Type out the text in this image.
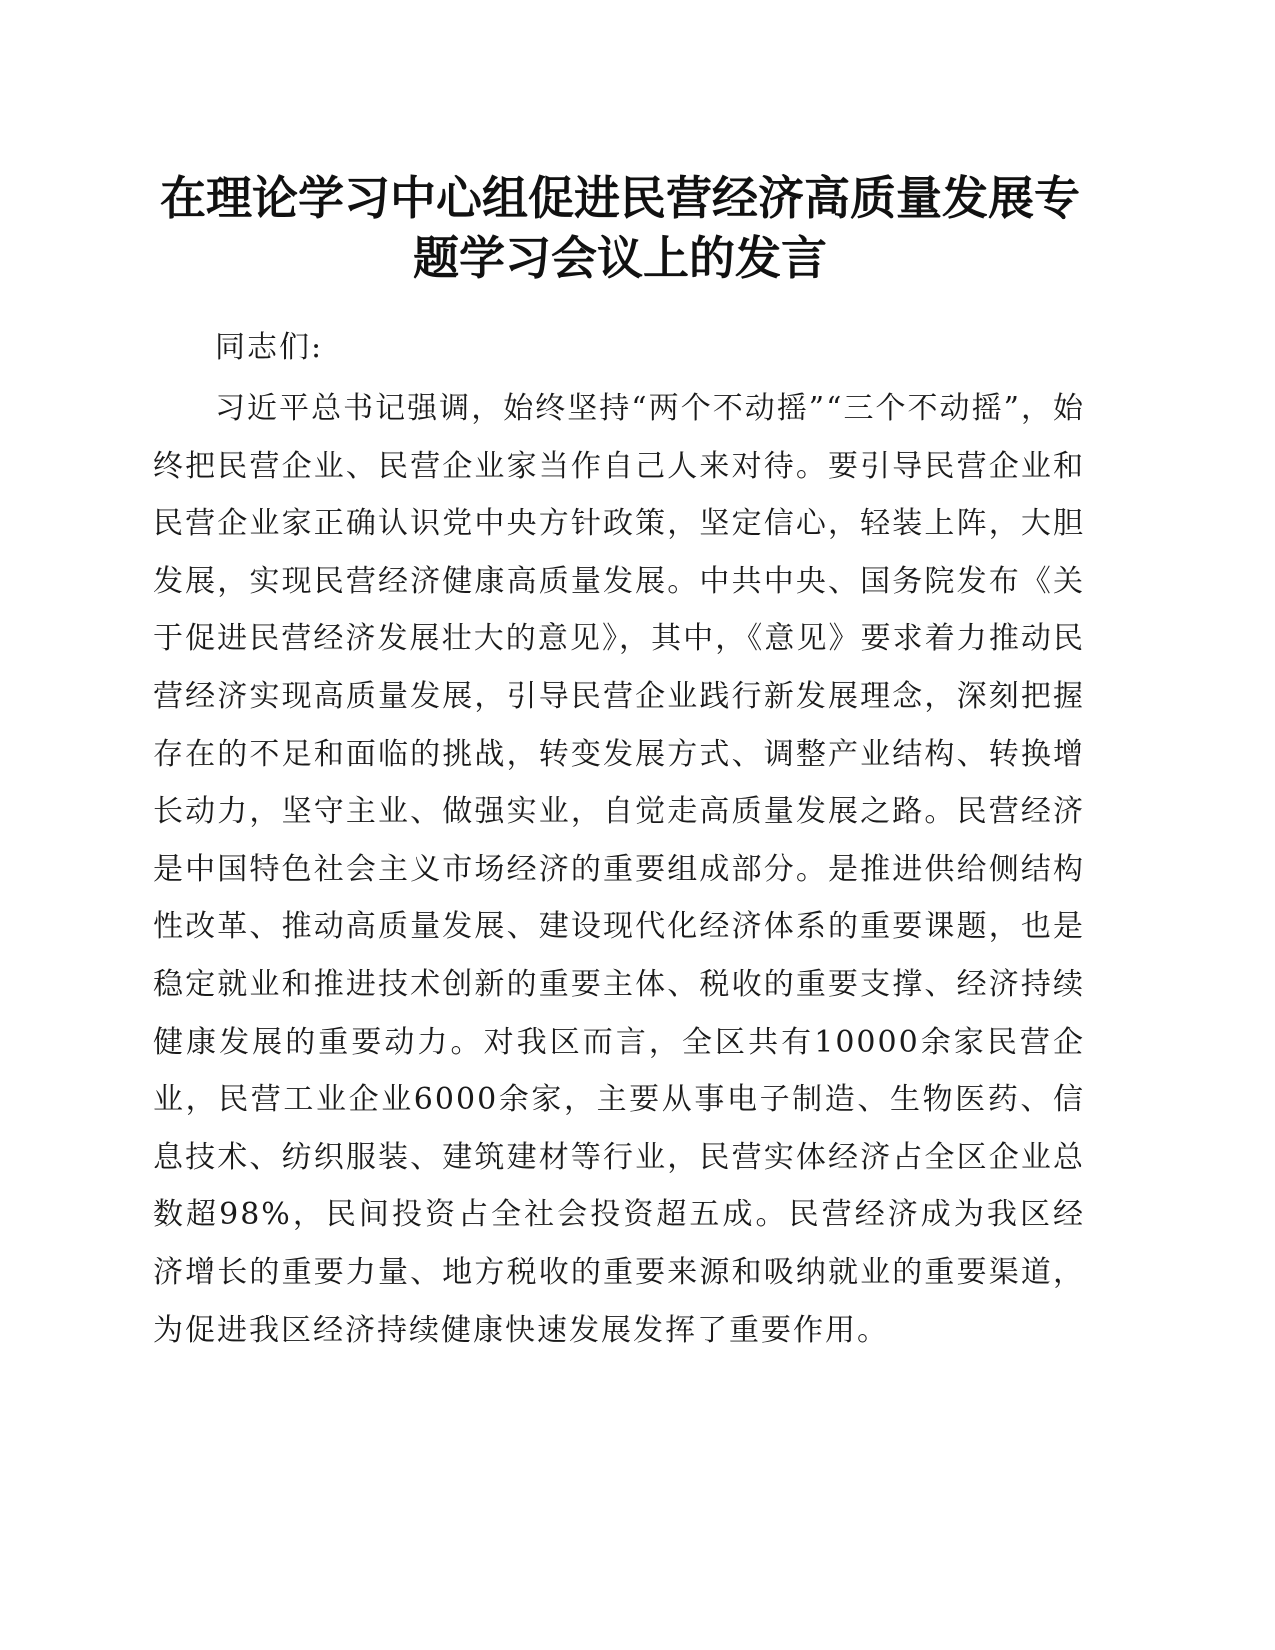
在理论学习中心组促进民营经济高质量发展专
题学习会议上的发言

同志们:

习近平总书记强调，始终坚持“两个不动摇”“三个不动摇”，始终把民营企业、民营企业家当作自己人来对待。要引导民营企业和民营企业家正确认识党中央方针政策，坚定信心，轻装上阵，大胆发展，实现民营经济健康高质量发展。中共中央、国务院发布《关于促进民营经济发展壮大的意见》，其中，《意见》要求着力推动民营经济实现高质量发展，引导民营企业践行新发展理念，深刻把握存在的不足和面临的挑战，转变发展方式、调整产业结构、转换增长动力，坚守主业、做强实业，自觉走高质量发展之路。民营经济是中国特色社会主义市场经济的重要组成部分。是推进供给侧结构性改革、推动高质量发展、建设现代化经济体系的重要课题，也是稳定就业和推进技术创新的重要主体、税收的重要支撑、经济持续健康发展的重要动力。对我区而言，全区共有10000余家民营企业，民营工业企业6000余家，主要从事电子制造、生物医药、信息技术、纺织服装、建筑建材等行业，民营实体经济占全区企业总数超98%，民间投资占全社会投资超五成。民营经济成为我区经济增长的重要力量、地方税收的重要来源和吸纳就业的重要渠道，为促进我区经济持续健康快速发展发挥了重要作用。
